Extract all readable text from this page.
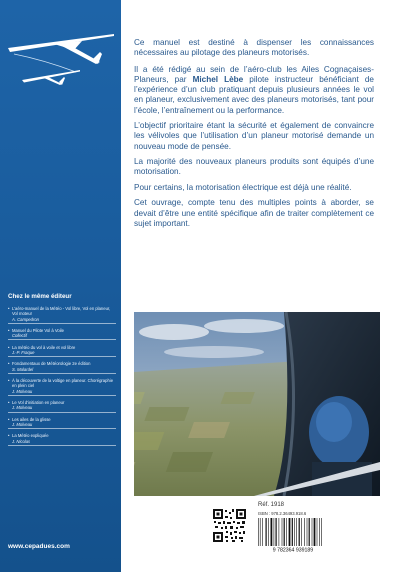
Chez le même éditeur
• L’aéro-manuel de la Météo - Vol libre, Vol en planeur, Vol moteur
A. Campedron
• Manuel du Pilote Vol à Voile
Collectif
• La météo du vol à voile et vol libre
J.-P. Fraque
• Fondamentaux de Météorologie 2e édition
S. Malardel
• À la découverte de la voltige en planeur. Chorégraphie en plein ciel
J. Molveau
• Le Vol d’initiation en planeur
J. Molveau
• Les ailes de la glisse
J. Molveau
• La Météo expliquée
J. Nicolas
www.cepadues.com

Ce manuel est destiné à dispenser les connaissances nécessaires au pilotage des planeurs motorisés.

Il a été rédigé au sein de l’aéro-club les Ailes Cognaçaises- Planeurs, par Michel Lèbe pilote instructeur bénéficiant de l’expérience d’un club pratiquant depuis plusieurs années le vol en planeur, exclusivement avec des planeurs motorisés, tant pour l’école, l’entraînement ou la performance.

L’objectif prioritaire étant la sécurité et également de convaincre les vélivoles que l’utilisation d’un planeur motorisé demande un nouveau mode de pensée.

La majorité des nouveaux planeurs produits sont équipés d’une motorisation.

Pour certains, la motorisation électrique est déjà une réalité.

Cet ouvrage, compte tenu des multiples points à aborder, se devait d’être une entité spécifique afin de traiter complètement ce sujet important.

Réf. 1918
ISBN : 978.2.36493.918.6
9 782364 939189
